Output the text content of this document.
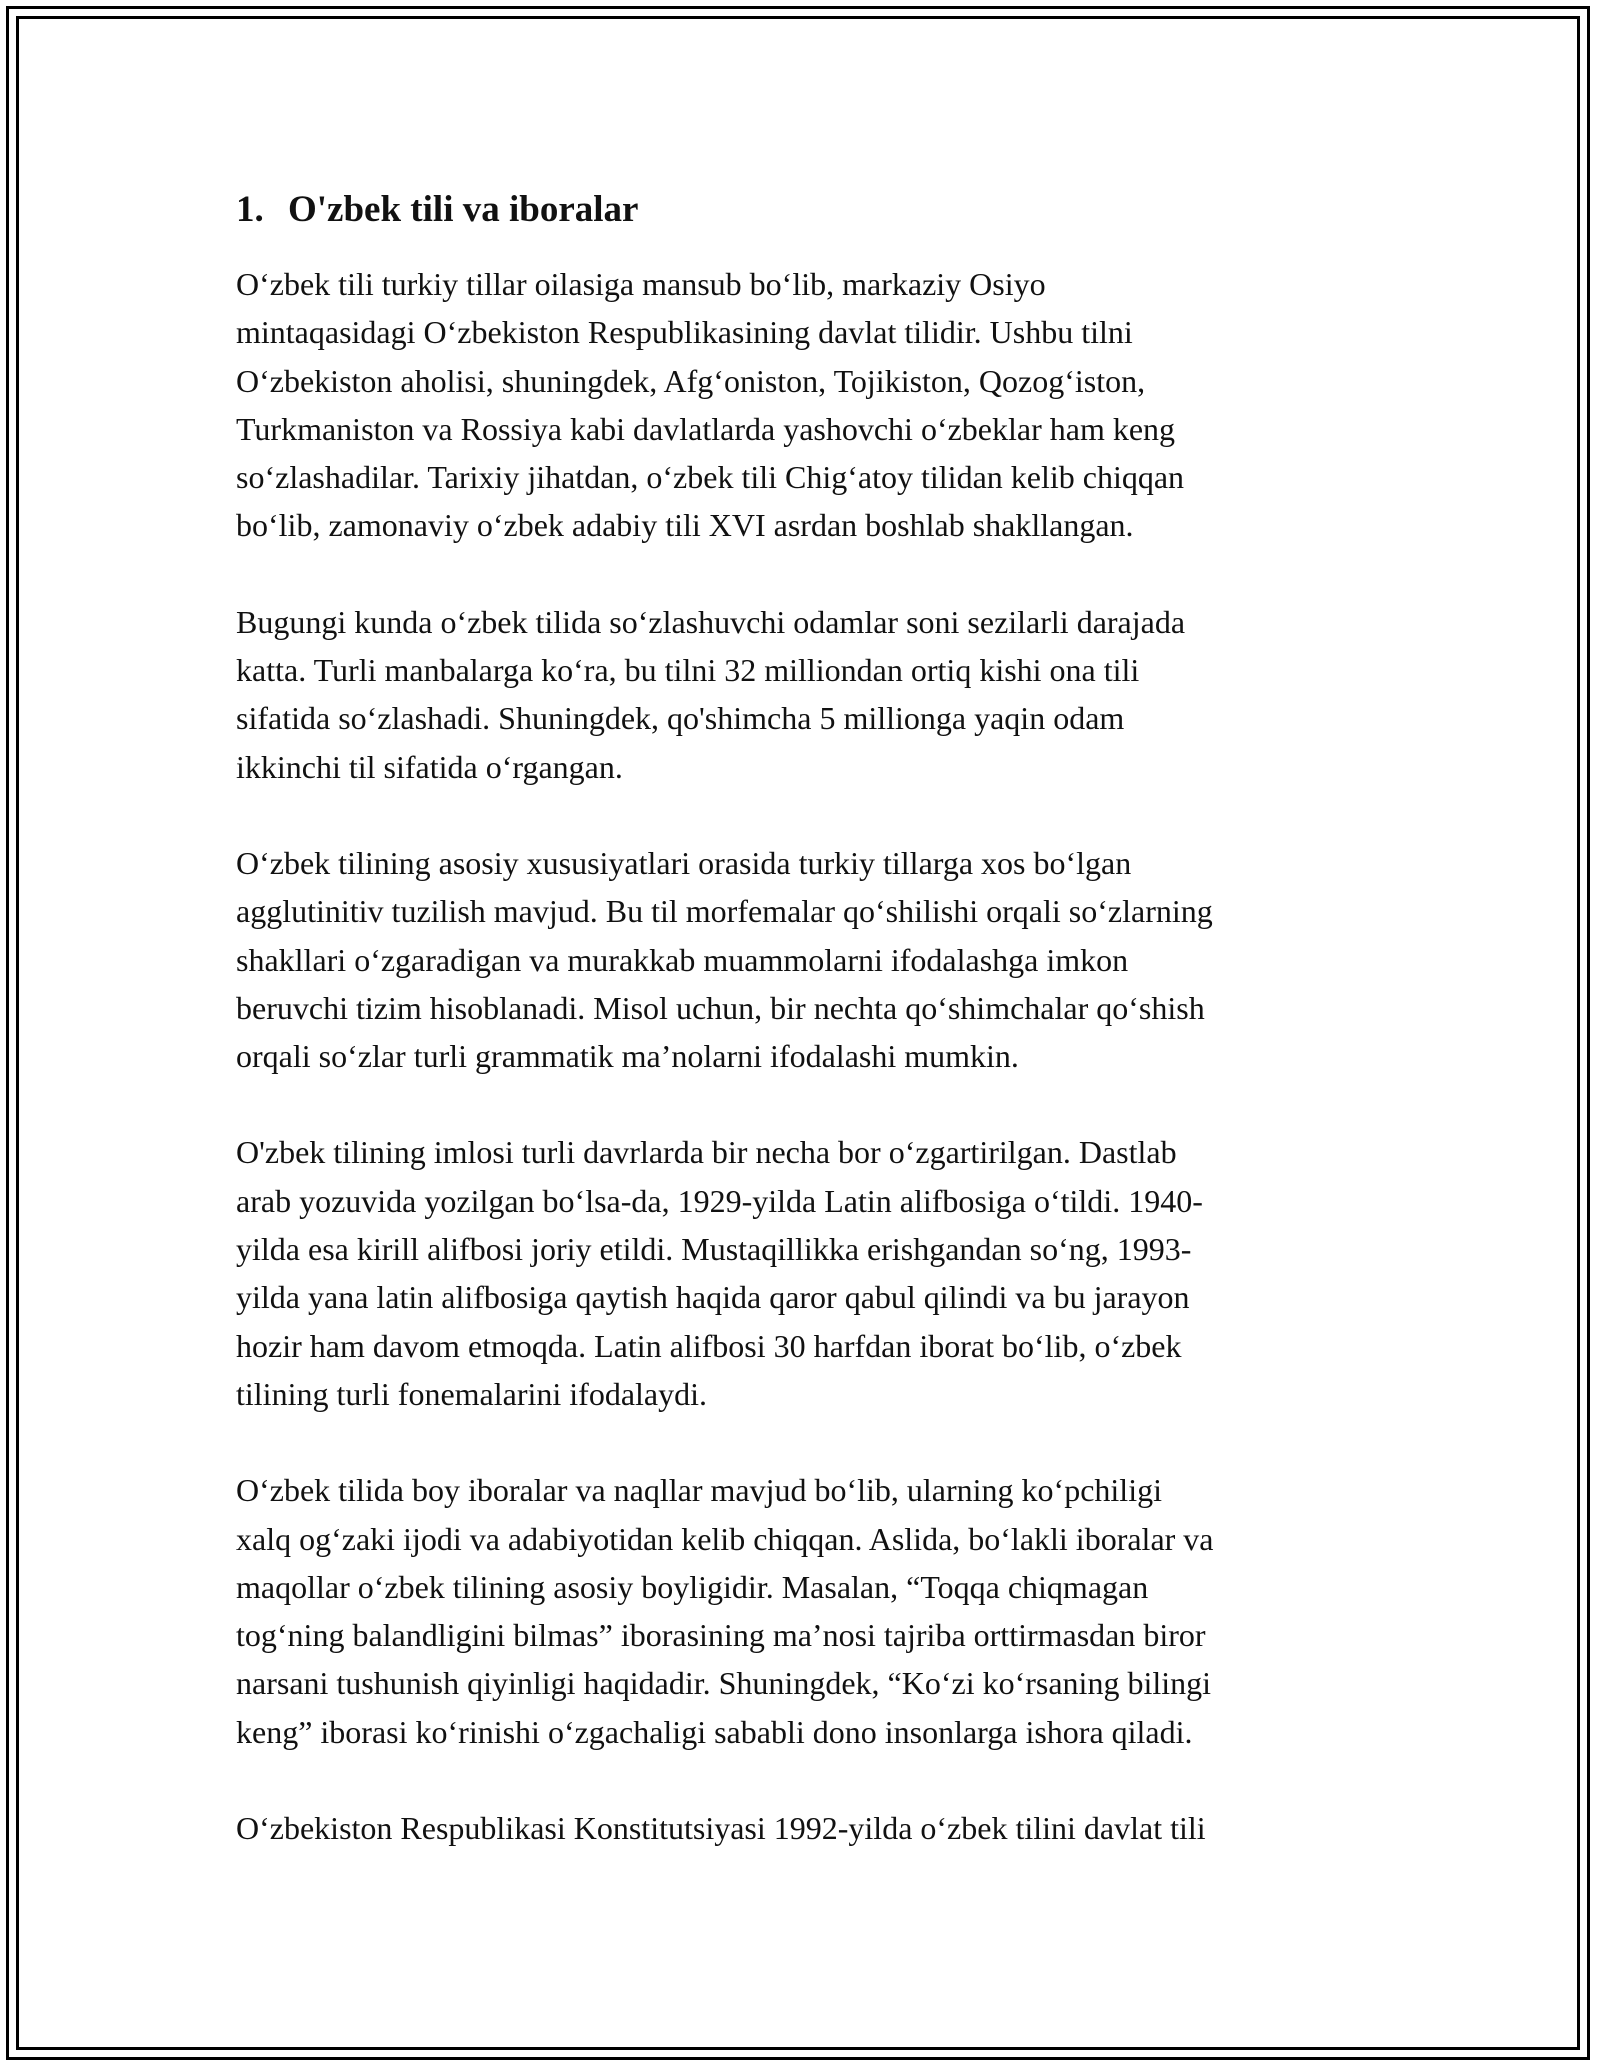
1. O'zbek tili va iboralar

O‘zbek tili turkiy tillar oilasiga mansub bo‘lib, markaziy Osiyo
mintaqasidagi O‘zbekiston Respublikasining davlat tilidir. Ushbu tilni
O‘zbekiston aholisi, shuningdek, Afg‘oniston, Tojikiston, Qozog‘iston,
Turkmaniston va Rossiya kabi davlatlarda yashovchi o‘zbeklar ham keng
so‘zlashadilar. Tarixiy jihatdan, o‘zbek tili Chig‘atoy tilidan kelib chiqqan
bo‘lib, zamonaviy o‘zbek adabiy tili XVI asrdan boshlab shakllangan.

Bugungi kunda o‘zbek tilida so‘zlashuvchi odamlar soni sezilarli darajada
katta. Turli manbalarga ko‘ra, bu tilni 32 milliondan ortiq kishi ona tili
sifatida so‘zlashadi. Shuningdek, qo'shimcha 5 millionga yaqin odam
ikkinchi til sifatida o‘rgangan.

O‘zbek tilining asosiy xususiyatlari orasida turkiy tillarga xos bo‘lgan
agglutinitiv tuzilish mavjud. Bu til morfemalar qo‘shilishi orqali so‘zlarning
shakllari o‘zgaradigan va murakkab muammolarni ifodalashga imkon
beruvchi tizim hisoblanadi. Misol uchun, bir nechta qo‘shimchalar qo‘shish
orqali so‘zlar turli grammatik ma’nolarni ifodalashi mumkin.

O'zbek tilining imlosi turli davrlarda bir necha bor o‘zgartirilgan. Dastlab
arab yozuvida yozilgan bo‘lsa-da, 1929-yilda Latin alifbosiga o‘tildi. 1940-
yilda esa kirill alifbosi joriy etildi. Mustaqillikka erishgandan so‘ng, 1993-
yilda yana latin alifbosiga qaytish haqida qaror qabul qilindi va bu jarayon
hozir ham davom etmoqda. Latin alifbosi 30 harfdan iborat bo‘lib, o‘zbek
tilining turli fonemalarini ifodalaydi.

O‘zbek tilida boy iboralar va naqllar mavjud bo‘lib, ularning ko‘pchiligi
xalq og‘zaki ijodi va adabiyotidan kelib chiqqan. Aslida, bo‘lakli iboralar va
maqollar o‘zbek tilining asosiy boyligidir. Masalan, “Toqqa chiqmagan
tog‘ning balandligini bilmas” iborasining ma’nosi tajriba orttirmasdan biror
narsani tushunish qiyinligi haqidadir. Shuningdek, “Ko‘zi ko‘rsaning bilingi
keng” iborasi ko‘rinishi o‘zgachaligi sababli dono insonlarga ishora qiladi.

O‘zbekiston Respublikasi Konstitutsiyasi 1992-yilda o‘zbek tilini davlat tili
